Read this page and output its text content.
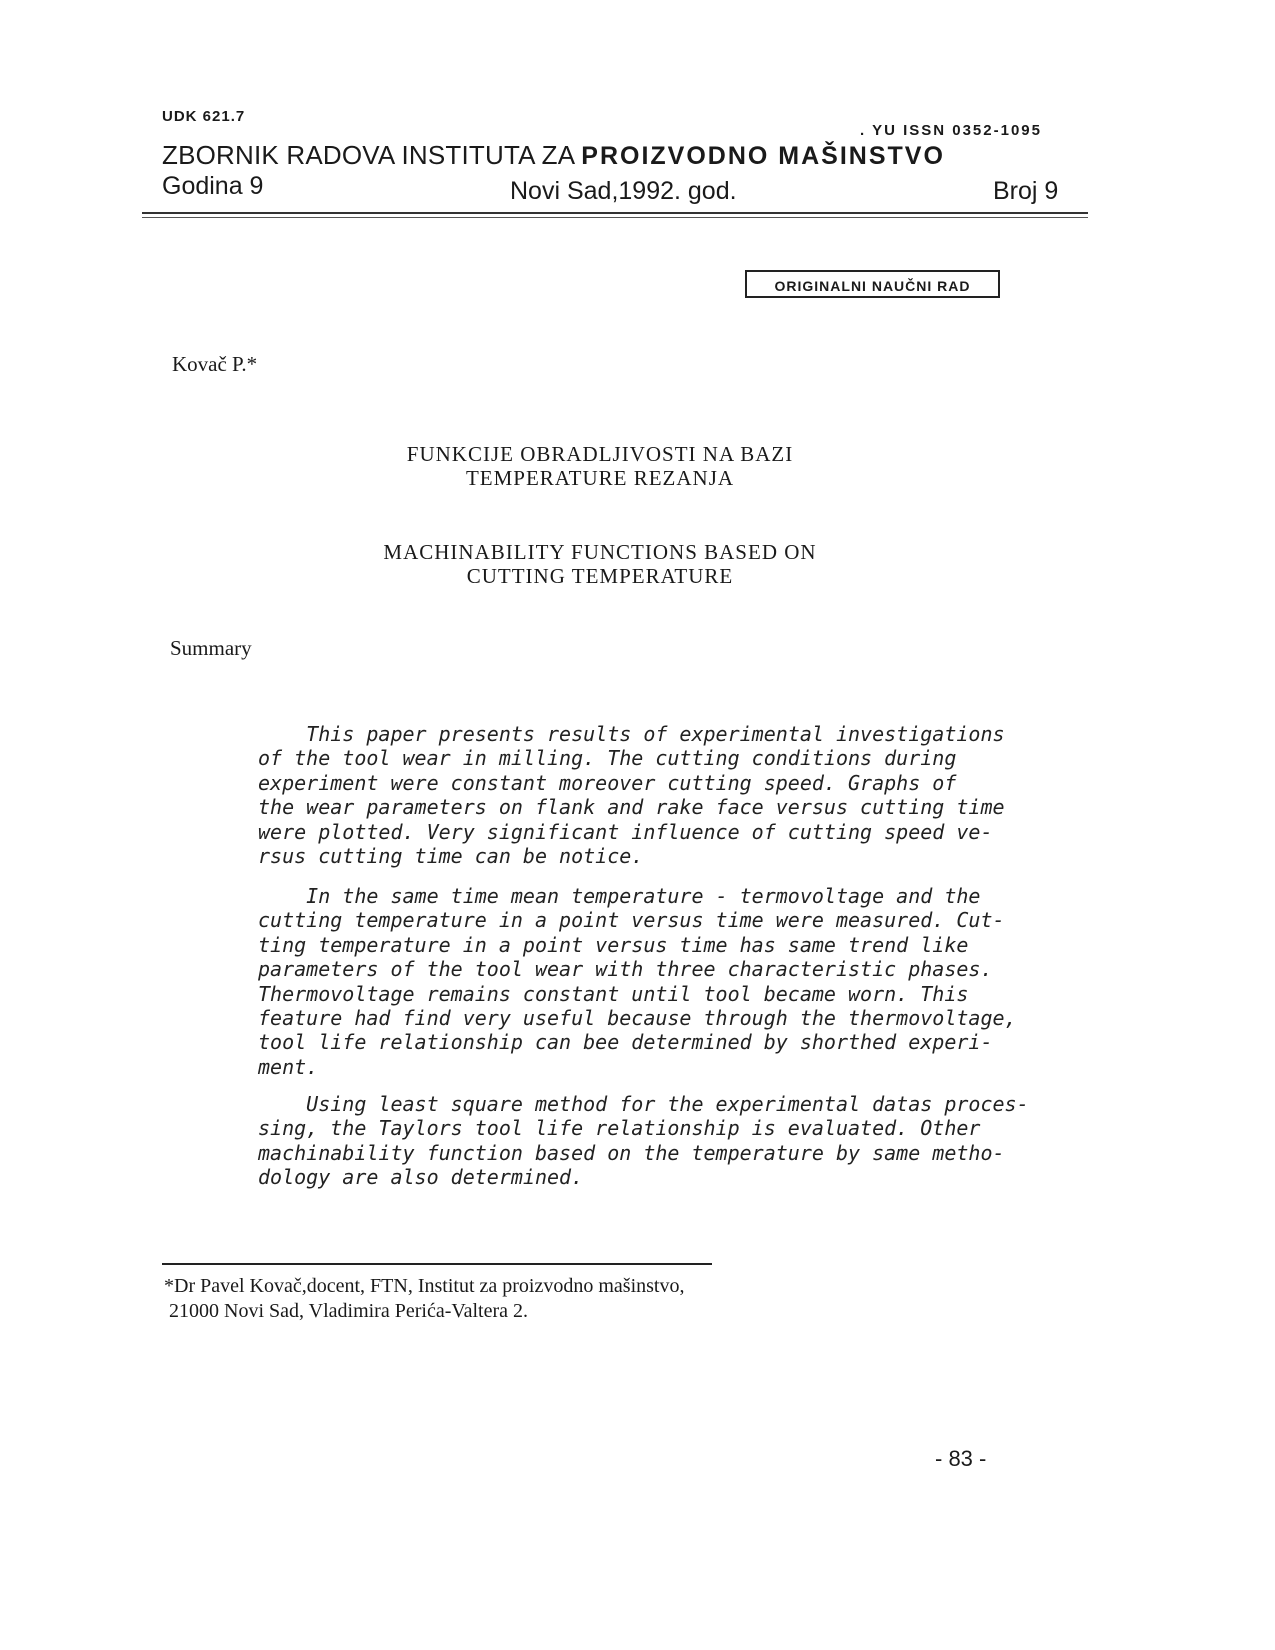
UDK 621.7
. YU ISSN 0352-1095
ZBORNIK RADOVA INSTITUTA ZA PROIZVODNO MAŠINSTVO
Godina 9	Novi Sad,1992. god.	Broj 9
ORIGINALNI NAUČNI RAD
Kovač P.*
FUNKCIJE OBRADLJIVOSTI NA BAZI
TEMPERATURE REZANJA
MACHINABILITY FUNCTIONS BASED ON
CUTTING TEMPERATURE
Summary
This paper presents results of experimental investigations
of the tool wear in milling. The cutting conditions during
experiment were constant moreover cutting speed. Graphs of
the wear parameters on flank and rake face versus cutting time
were plotted. Very significant influence of cutting speed ve-
rsus cutting time can be notice.
In the same time mean temperature - termovoltage and the
cutting temperature in a point versus time were measured. Cut-
ting temperature in a point versus time has same trend like
parameters of the tool wear with three characteristic phases.
Thermovoltage remains constant until tool became worn. This
feature had find very useful because through the thermovoltage,
tool life relationship can bee determined by shorthed experi-
ment.
Using least square method for the experimental datas proces-
sing, the Taylors tool life relationship is evaluated. Other
machinability function based on the temperature by same metho-
dology are also determined.
*Dr Pavel Kovač,docent, FTN, Institut za proizvodno mašinstvo,
21000 Novi Sad, Vladimira Perića-Valtera 2.
- 83 -
